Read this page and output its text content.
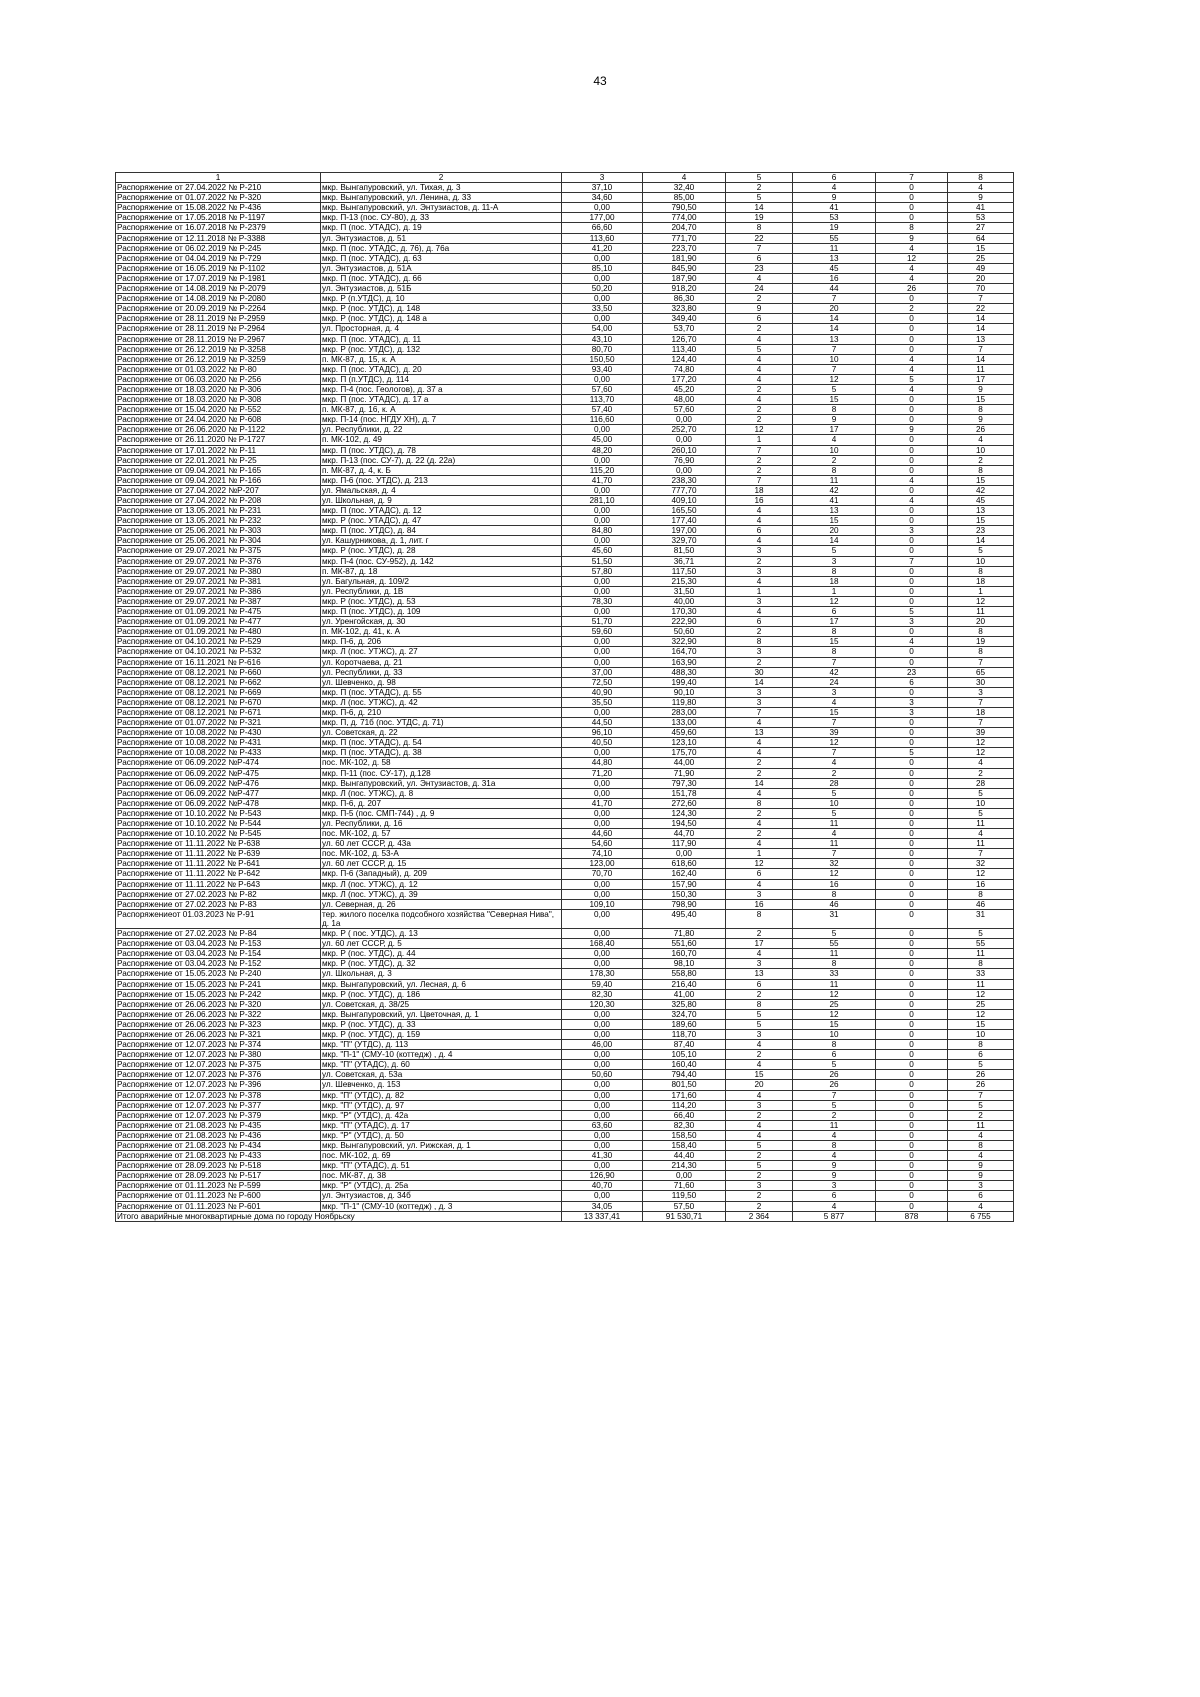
43
1	2	3	4	5	6	7	8
Распоряжение от 27.04.2022 № Р-210	мкр. Вынгапуровский, ул. Тихая, д. 3	37,10	32,40	2	4	0	4
Распоряжение от 01.07.2022 № Р-320	мкр. Вынгапуровский, ул. Ленина, д. 33	34,60	85,00	5	9	0	9
Распоряжение от 15.08.2022 № Р-436	мкр. Вынгапуровский, ул. Энтузиастов, д. 11-А	0,00	790,50	14	41	0	41
Распоряжение от 17.05.2018 № Р-1197	мкр. П-13 (пос. СУ-80), д. 33	177,00	774,00	19	53	0	53
Распоряжение от 16.07.2018 № Р-2379	мкр. П (пос. УТАДС), д. 19	66,60	204,70	8	19	8	27
Распоряжение от 12.11.2018 № Р-3388	ул. Энтузиастов, д. 51	113,60	771,70	22	55	9	64
Распоряжение от 06.02.2019 № Р-245	мкр. П (пос. УТАДС, д. 76), д. 76а	41,20	223,70	7	11	4	15
Распоряжение от 04.04.2019 № Р-729	мкр. П (пос. УТАДС), д. 63	0,00	181,90	6	13	12	25
Распоряжение от 16.05.2019 № Р-1102	ул. Энтузиастов, д. 51А	85,10	845,90	23	45	4	49
Распоряжение от 17.07.2019 № Р-1981	мкр. П (пос. УТАДС), д. 66	0,00	187,90	4	16	4	20
Распоряжение от 14.08.2019 № Р-2079	ул. Энтузиастов, д. 51Б	50,20	918,20	24	44	26	70
Распоряжение от 14.08.2019 № Р-2080	мкр. Р (п.УТДС), д. 10	0,00	86,30	2	7	0	7
Распоряжение от 20.09.2019 № Р-2264	мкр. Р (пос. УТДС), д. 148	33,50	323,80	9	20	2	22
Распоряжение от 28.11.2019 № Р-2959	мкр. Р (пос. УТДС), д. 148 а	0,00	349,40	6	14	0	14
Распоряжение от 28.11.2019 № Р-2964	ул. Просторная, д. 4	54,00	53,70	2	14	0	14
Распоряжение от 28.11.2019 № Р-2967	мкр. П (пос. УТАДС), д. 11	43,10	126,70	4	13	0	13
Распоряжение от 26.12.2019 № Р-3258	мкр. Р (пос. УТДС), д. 132	80,70	113,40	5	7	0	7
Распоряжение от 26.12.2019 № Р-3259	п. МК-87, д. 15, к. А	150,50	124,40	4	10	4	14
Распоряжение от 01.03.2022 № Р-80	мкр. П (пос. УТАДС), д. 20	93,40	74,80	4	7	4	11
Распоряжение от 06.03.2020 № Р-256	мкр. П (п.УТДС), д. 114	0,00	177,20	4	12	5	17
Распоряжение от 18.03.2020 № Р-306	мкр. П-4 (пос. Геологов), д. 37 а	57,60	45,20	2	5	4	9
Распоряжение от 18.03.2020 № Р-308	мкр. П (пос. УТАДС), д. 17 а	113,70	48,00	4	15	0	15
Распоряжение от 15.04.2020 № Р-552	п. МК-87, д. 16, к. А	57,40	57,60	2	8	0	8
Распоряжение от 24.04.2020 № Р-608	мкр. П-14 (пос. НГДУ ХН), д. 7	116,60	0,00	2	9	0	9
Распоряжение от 26.06.2020 № Р-1122	ул. Республики, д. 22	0,00	252,70	12	17	9	26
Распоряжение от 26.11.2020 № Р-1727	п. МК-102, д. 49	45,00	0,00	1	4	0	4
Распоряжение от 17.01.2022 № Р-11	мкр. П (пос. УТДС), д. 78	48,20	260,10	7	10	0	10
Распоряжение от 22.01.2021 № Р-25	мкр. П-13 (пос. СУ-7), д. 22 (д. 22а)	0,00	76,90	2	2	0	2
Распоряжение от 09.04.2021 № Р-165	п. МК-87, д. 4, к. Б	115,20	0,00	2	8	0	8
Распоряжение от 09.04.2021 № Р-166	мкр. П-6 (пос. УТДС), д. 213	41,70	238,30	7	11	4	15
Распоряжение от 27.04.2022 №Р-207	ул. Ямальская, д. 4	0,00	777,70	18	42	0	42
Распоряжение от 27.04.2022 № Р-208	ул. Школьная, д. 9	281,10	409,10	16	41	4	45
Распоряжение от 13.05.2021 № Р-231	мкр. П (пос. УТАДС), д. 12	0,00	165,50	4	13	0	13
Распоряжение от 13.05.2021 № Р-232	мкр. Р (пос. УТАДС), д. 47	0,00	177,40	4	15	0	15
Распоряжение от 25.06.2021 № Р-303	мкр. П (пос. УТДС), д. 84	84,80	197,00	6	20	3	23
Распоряжение от 25.06.2021 № Р-304	ул. Кашурникова, д. 1, лит. г	0,00	329,70	4	14	0	14
Распоряжение от 29.07.2021 № Р-375	мкр. Р (пос. УТДС), д. 28	45,60	81,50	3	5	0	5
Распоряжение от 29.07.2021 № Р-376	мкр. П-4 (пос. СУ-952), д. 142	51,50	36,71	2	3	7	10
Распоряжение от 29.07.2021 № Р-380	п. МК-87, д. 18	57,80	117,50	3	8	0	8
Распоряжение от 29.07.2021 № Р-381	ул. Багульная, д. 109/2	0,00	215,30	4	18	0	18
Распоряжение от 29.07.2021 № Р-386	ул. Республики, д. 1В	0,00	31,50	1	1	0	1
Распоряжение от 29.07.2021 № Р-387	мкр. Р (пос. УТДС), д. 53	78,30	40,00	3	12	0	12
Распоряжение от 01.09.2021 № Р-475	мкр. П (пос. УТДС), д. 109	0,00	170,30	4	6	5	11
Распоряжение от 01.09.2021 № Р-477	ул. Уренгойская, д. 30	51,70	222,90	6	17	3	20
Распоряжение от 01.09.2021 № Р-480	п. МК-102, д. 41, к. А	59,60	50,60	2	8	0	8
Распоряжение от 04.10.2021 № Р-529	мкр. П-6, д. 206	0,00	322,90	8	15	4	19
Распоряжение от 04.10.2021 № Р-532	мкр. Л (пос. УТЖС), д. 27	0,00	164,70	3	8	0	8
Распоряжение от 16.11.2021 № Р-616	ул. Коротчаева, д. 21	0,00	163,90	2	7	0	7
Распоряжение от 08.12.2021 № Р-660	ул. Республики, д. 33	37,00	488,30	30	42	23	65
Распоряжение от 08.12.2021 № Р-662	ул. Шевченко, д. 98	72,50	199,40	14	24	6	30
Распоряжение от 08.12.2021 № Р-669	мкр. П (пос. УТАДС), д. 55	40,90	90,10	3	3	0	3
Распоряжение от 08.12.2021 № Р-670	мкр. Л (пос. УТЖС), д. 42	35,50	119,80	3	4	3	7
Распоряжение от 08.12.2021 № Р-671	мкр. П-6, д. 210	0,00	283,00	7	15	3	18
Распоряжение от 01.07.2022 № Р-321	мкр. П, д. 71б (пос. УТДС, д. 71)	44,50	133,00	4	7	0	7
Распоряжение от 10.08.2022 № Р-430	ул. Советская, д. 22	96,10	459,60	13	39	0	39
Распоряжение от 10.08.2022 № Р-431	мкр. П (пос. УТАДС), д. 54	40,50	123,10	4	12	0	12
Распоряжение от 10.08.2022 № Р-433	мкр. П (пос. УТАДС), д. 38	0,00	175,70	4	7	5	12
Распоряжение от 06.09.2022 №Р-474	пос. МК-102, д. 58	44,80	44,00	2	4	0	4
Распоряжение от 06.09.2022 №Р-475	мкр. П-11 (пос. СУ-17), д.128	71,20	71,90	2	2	0	2
Распоряжение от 06.09.2022 №Р-476	мкр. Вынгапуровский, ул. Энтузиастов, д. 31а	0,00	797,30	14	28	0	28
Распоряжение от 06.09.2022 №Р-477	мкр. Л (пос. УТЖС), д. 8	0,00	151,78	4	5	0	5
Распоряжение от 06.09.2022 №Р-478	мкр. П-6, д. 207	41,70	272,60	8	10	0	10
Распоряжение от 10.10.2022 № Р-543	мкр. П-5 (пос. СМП-744) , д. 9	0,00	124,30	2	5	0	5
Распоряжение от 10.10.2022 № Р-544	ул. Республики, д. 16	0,00	194,50	4	11	0	11
Распоряжение от 10.10.2022 № Р-545	пос. МК-102, д. 57	44,60	44,70	2	4	0	4
Распоряжение от 11.11.2022 № Р-638	ул. 60 лет СССР, д. 43а	54,60	117,90	4	11	0	11
Распоряжение от 11.11.2022 № Р-639	пос. МК-102, д. 53-А	74,10	0,00	1	7	0	7
Распоряжение от 11.11.2022 № Р-641	ул. 60 лет СССР, д. 15	123,00	618,60	12	32	0	32
Распоряжение от 11.11.2022 № Р-642	мкр. П-6 (Западный), д. 209	70,70	162,40	6	12	0	12
Распоряжение от 11.11.2022 № Р-643	мкр. Л (пос. УТЖС), д. 12	0,00	157,90	4	16	0	16
Распоряжение от 27.02.2023 № Р-82	мкр. Л (пос. УТЖС), д. 39	0,00	150,30	3	8	0	8
Распоряжение от 27.02.2023 № Р-83	ул. Северная, д. 26	109,10	798,90	16	46	0	46
Распоряжениеот 01.03.2023 № Р-91	тер. жилого поселка подсобного хозяйства "Северная Нива", д. 1а	0,00	495,40	8	31	0	31
Распоряжение от 27.02.2023 № Р-84	мкр. Р ( пос. УТДС), д. 13	0,00	71,80	2	5	0	5
Распоряжение от 03.04.2023 № Р-153	ул. 60 лет СССР, д. 5	168,40	551,60	17	55	0	55
Распоряжение от 03.04.2023 № Р-154	мкр. Р (пос. УТДС), д. 44	0,00	160,70	4	11	0	11
Распоряжение от 03.04.2023 № Р-152	мкр. Р (пос. УТДС), д. 32	0,00	98,10	3	8	0	8
Распоряжение от 15.05.2023 № Р-240	ул. Школьная, д. 3	178,30	558,80	13	33	0	33
Распоряжение от 15.05.2023 № Р-241	мкр. Вынгапуровский, ул. Лесная, д. 6	59,40	216,40	6	11	0	11
Распоряжение от 15.05.2023 № Р-242	мкр. Р (пос. УТДС), д. 186	82,30	41,00	2	12	0	12
Распоряжение от 26.06.2023 № Р-320	ул. Советская, д. 38/25	120,30	325,80	8	25	0	25
Распоряжение от 26.06.2023 № Р-322	мкр. Вынгапуровский, ул. Цветочная, д. 1	0,00	324,70	5	12	0	12
Распоряжение от 26.06.2023 № Р-323	мкр. Р (пос. УТДС), д. 33	0,00	189,60	5	15	0	15
Распоряжение от 26.06.2023 № Р-321	мкр. Р (пос. УТДС), д. 159	0,00	118,70	3	10	0	10
Распоряжение от 12.07.2023 № Р-374	мкр. "П" (УТДС), д. 113	46,00	87,40	4	8	0	8
Распоряжение от 12.07.2023 № Р-380	мкр. "П-1" (СМУ-10 (коттедж) , д. 4	0,00	105,10	2	6	0	6
Распоряжение от 12.07.2023 № Р-375	мкр. "П" (УТАДС), д. 60	0,00	160,40	4	5	0	5
Распоряжение от 12.07.2023 № Р-376	ул. Советская, д. 53а	50,60	794,40	15	26	0	26
Распоряжение от 12.07.2023 № Р-396	ул. Шевченко, д. 153	0,00	801,50	20	26	0	26
Распоряжение от 12.07.2023 № Р-378	мкр. "П" (УТДС), д. 82	0,00	171,60	4	7	0	7
Распоряжение от 12.07.2023 № Р-377	мкр. "П" (УТДС), д. 97	0,00	114,20	3	5	0	5
Распоряжение от 12.07.2023 № Р-379	мкр. "Р" (УТДС), д. 42а	0,00	66,40	2	2	0	2
Распоряжение от 21.08.2023 № Р-435	мкр. "П" (УТАДС), д. 17	63,60	82,30	4	11	0	11
Распоряжение от 21.08.2023 № Р-436	мкр. "Р" (УТДС), д. 50	0,00	158,50	4	4	0	4
Распоряжение от 21.08.2023 № Р-434	мкр. Вынгапуровский, ул. Рижская, д. 1	0,00	158,40	5	8	0	8
Распоряжение от 21.08.2023 № Р-433	пос. МК-102, д. 69	41,30	44,40	2	4	0	4
Распоряжение от 28.09.2023 № Р-518	мкр. "П" (УТАДС), д. 51	0,00	214,30	5	9	0	9
Распоряжение от 28.09.2023 № Р-517	пос. МК-87, д. 38	126,90	0,00	2	9	0	9
Распоряжение от 01.11.2023 № Р-599	мкр. "Р" (УТДС), д. 25а	40,70	71,60	3	3	0	3
Распоряжение от 01.11.2023 № Р-600	ул. Энтузиастов, д. 34б	0,00	119,50	2	6	0	6
Распоряжение от 01.11.2023 № Р-601	мкр. "П-1" (СМУ-10 (коттедж) , д. 3	34,05	57,50	2	4	0	4
Итого аварийные многоквартирные дома по городу Ноябрьску		13 337,41	91 530,71	2 364	5 877	878	6 755
